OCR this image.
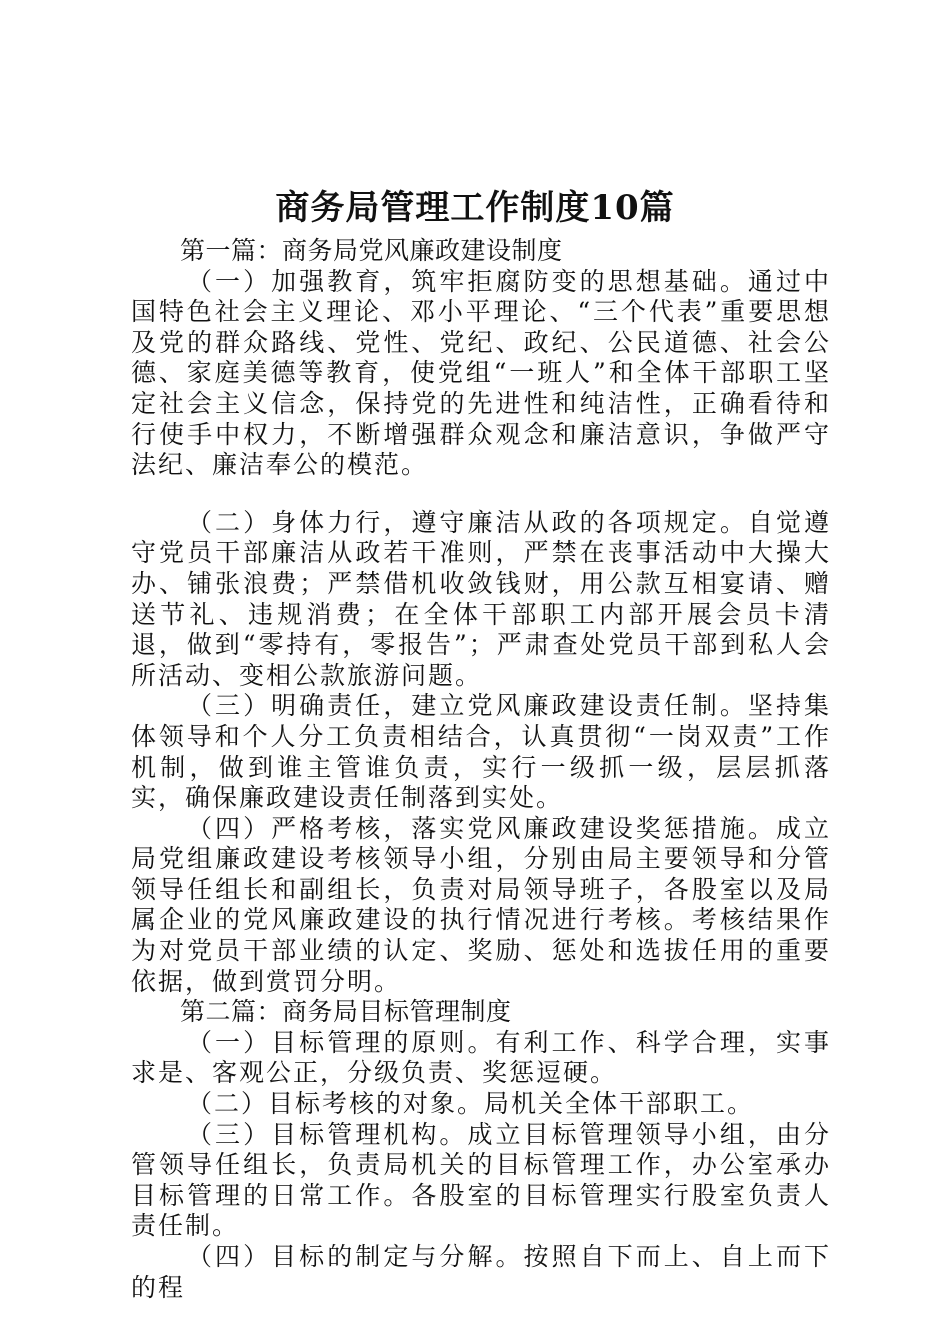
商务局管理工作制度10篇

第一篇：商务局党风廉政建设制度

（一）加强教育，筑牢拒腐防变的思想基础。通过中国特色社会主义理论、邓小平理论、“三个代表”重要思想及党的群众路线、党性、党纪、政纪、公民道德、社会公德、家庭美德等教育，使党组“一班人”和全体干部职工坚定社会主义信念，保持党的先进性和纯洁性，正确看待和行使手中权力，不断增强群众观念和廉洁意识，争做严守法纪、廉洁奉公的模范。

（二）身体力行，遵守廉洁从政的各项规定。自觉遵守党员干部廉洁从政若干准则，严禁在丧事活动中大操大办、铺张浪费；严禁借机收敛钱财，用公款互相宴请、赠送节礼、违规消费；在全体干部职工内部开展会员卡清退，做到“零持有，零报告”；严肃查处党员干部到私人会所活动、变相公款旅游问题。

（三）明确责任，建立党风廉政建设责任制。坚持集体领导和个人分工负责相结合，认真贯彻“一岗双责”工作机制，做到谁主管谁负责，实行一级抓一级，层层抓落实，确保廉政建设责任制落到实处。

（四）严格考核，落实党风廉政建设奖惩措施。成立局党组廉政建设考核领导小组，分别由局主要领导和分管领导任组长和副组长，负责对局领导班子，各股室以及局属企业的党风廉政建设的执行情况进行考核。考核结果作为对党员干部业绩的认定、奖励、惩处和选拔任用的重要依据，做到赏罚分明。

第二篇：商务局目标管理制度

（一）目标管理的原则。有利工作、科学合理，实事求是、客观公正，分级负责、奖惩逗硬。

（二）目标考核的对象。局机关全体干部职工。

（三）目标管理机构。成立目标管理领导小组，由分管领导任组长，负责局机关的目标管理工作，办公室承办目标管理的日常工作。各股室的目标管理实行股室负责人责任制。

（四）目标的制定与分解。按照自下而上、自上而下的程
